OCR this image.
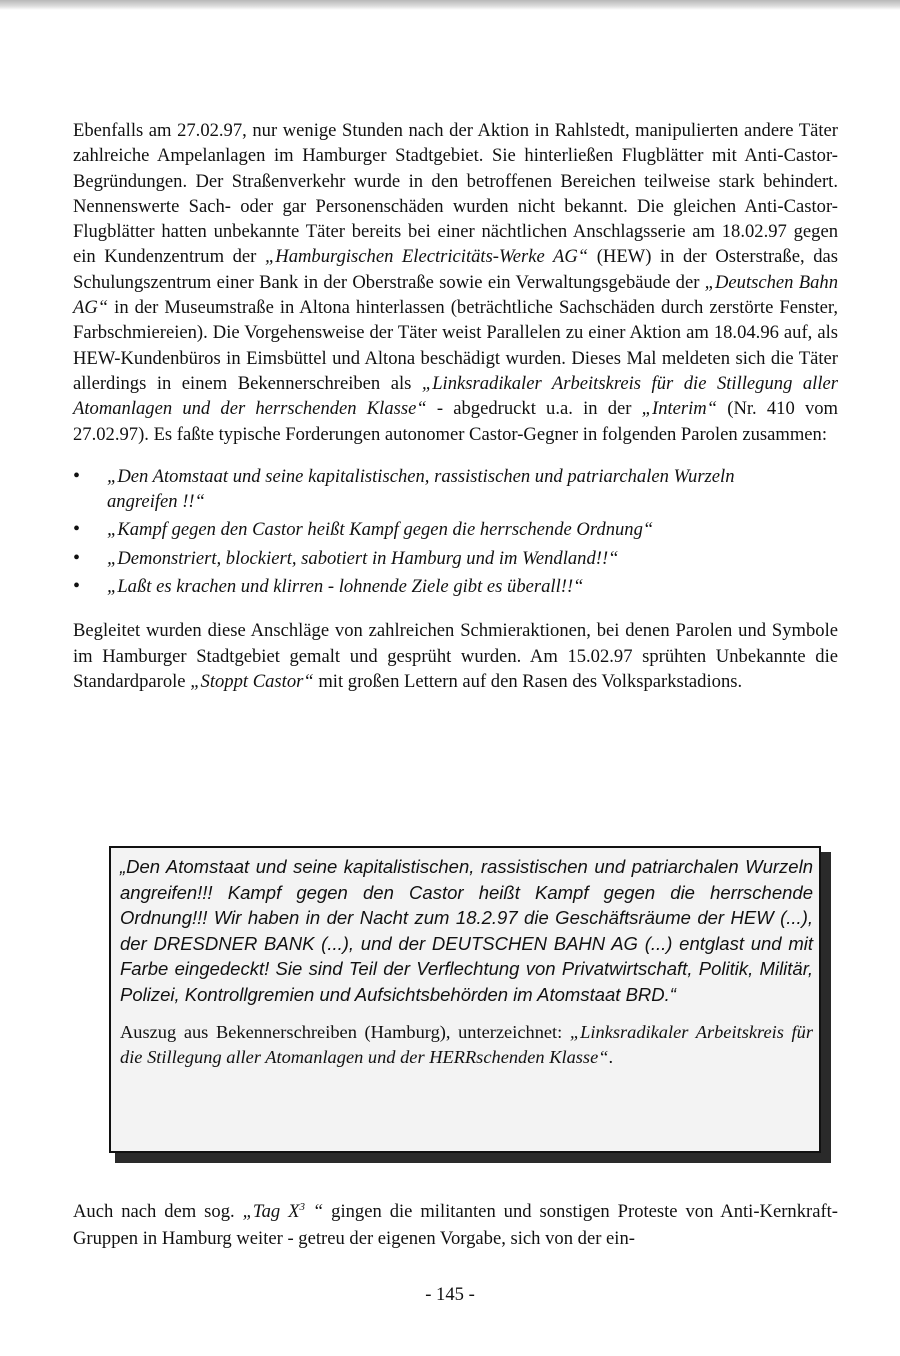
Ebenfalls am 27.02.97, nur wenige Stunden nach der Aktion in Rahlstedt, manipulierten andere Täter zahlreiche Ampelanlagen im Hamburger Stadtgebiet. Sie hinterließen Flugblätter mit Anti-Castor-Begründungen. Der Straßenverkehr wurde in den betroffenen Bereichen teilweise stark behindert. Nennenswerte Sach- oder gar Personenschäden wurden nicht bekannt. Die gleichen Anti-Castor-Flugblätter hatten unbekannte Täter bereits bei einer nächtlichen Anschlagsserie am 18.02.97 gegen ein Kundenzentrum der „Hamburgischen Electricitäts-Werke AG“ (HEW) in der Osterstraße, das Schulungszentrum einer Bank in der Oberstraße sowie ein Verwaltungsgebäude der „Deutschen Bahn AG“ in der Museumstraße in Altona hinterlassen (beträchtliche Sachschäden durch zerstörte Fenster, Farbschmiereien). Die Vorgehensweise der Täter weist Parallelen zu einer Aktion am 18.04.96 auf, als HEW-Kundenbüros in Eimsbüttel und Altona beschädigt wurden. Dieses Mal meldeten sich die Täter allerdings in einem Bekennerschreiben als „Linksradikaler Arbeitskreis für die Stillegung aller Atomanlagen und der herrschenden Klasse“ - abgedruckt u.a. in der „Interim“ (Nr. 410 vom 27.02.97). Es faßte typische Forderungen autonomer Castor-Gegner in folgenden Parolen zusammen:

• „Den Atomstaat und seine kapitalistischen, rassistischen und patriarchalen Wurzeln angreifen !!“
• „Kampf gegen den Castor heißt Kampf gegen die herrschende Ordnung“
• „Demonstriert, blockiert, sabotiert in Hamburg und im Wendland!!“
• „Laßt es krachen und klirren - lohnende Ziele gibt es überall!!“

Begleitet wurden diese Anschläge von zahlreichen Schmieraktionen, bei denen Parolen und Symbole im Hamburger Stadtgebiet gemalt und gesprüht wurden. Am 15.02.97 sprühten Unbekannte die Standardparole „Stoppt Castor“ mit großen Lettern auf den Rasen des Volksparkstadions.

„Den Atomstaat und seine kapitalistischen, rassistischen und patriarchalen Wurzeln angreifen!!! Kampf gegen den Castor heißt Kampf gegen die herrschende Ordnung!!! Wir haben in der Nacht zum 18.2.97 die Geschäftsräume der HEW (...), der DRESDNER BANK (...), und der DEUTSCHEN BAHN AG (...) entglast und mit Farbe eingedeckt! Sie sind Teil der Verflechtung von Privatwirtschaft, Politik, Militär, Polizei, Kontrollgremien und Aufsichtsbehörden im Atomstaat BRD.“

Auszug aus Bekennerschreiben (Hamburg), unterzeichnet: „Linksradikaler Arbeitskreis für die Stillegung aller Atomanlagen und der HERRschenden Klasse“.

Auch nach dem sog. „Tag $X^3$ “ gingen die militanten und sonstigen Proteste von Anti-Kernkraft-Gruppen in Hamburg weiter - getreu der eigenen Vorgabe, sich von der ein-

- 145 -
